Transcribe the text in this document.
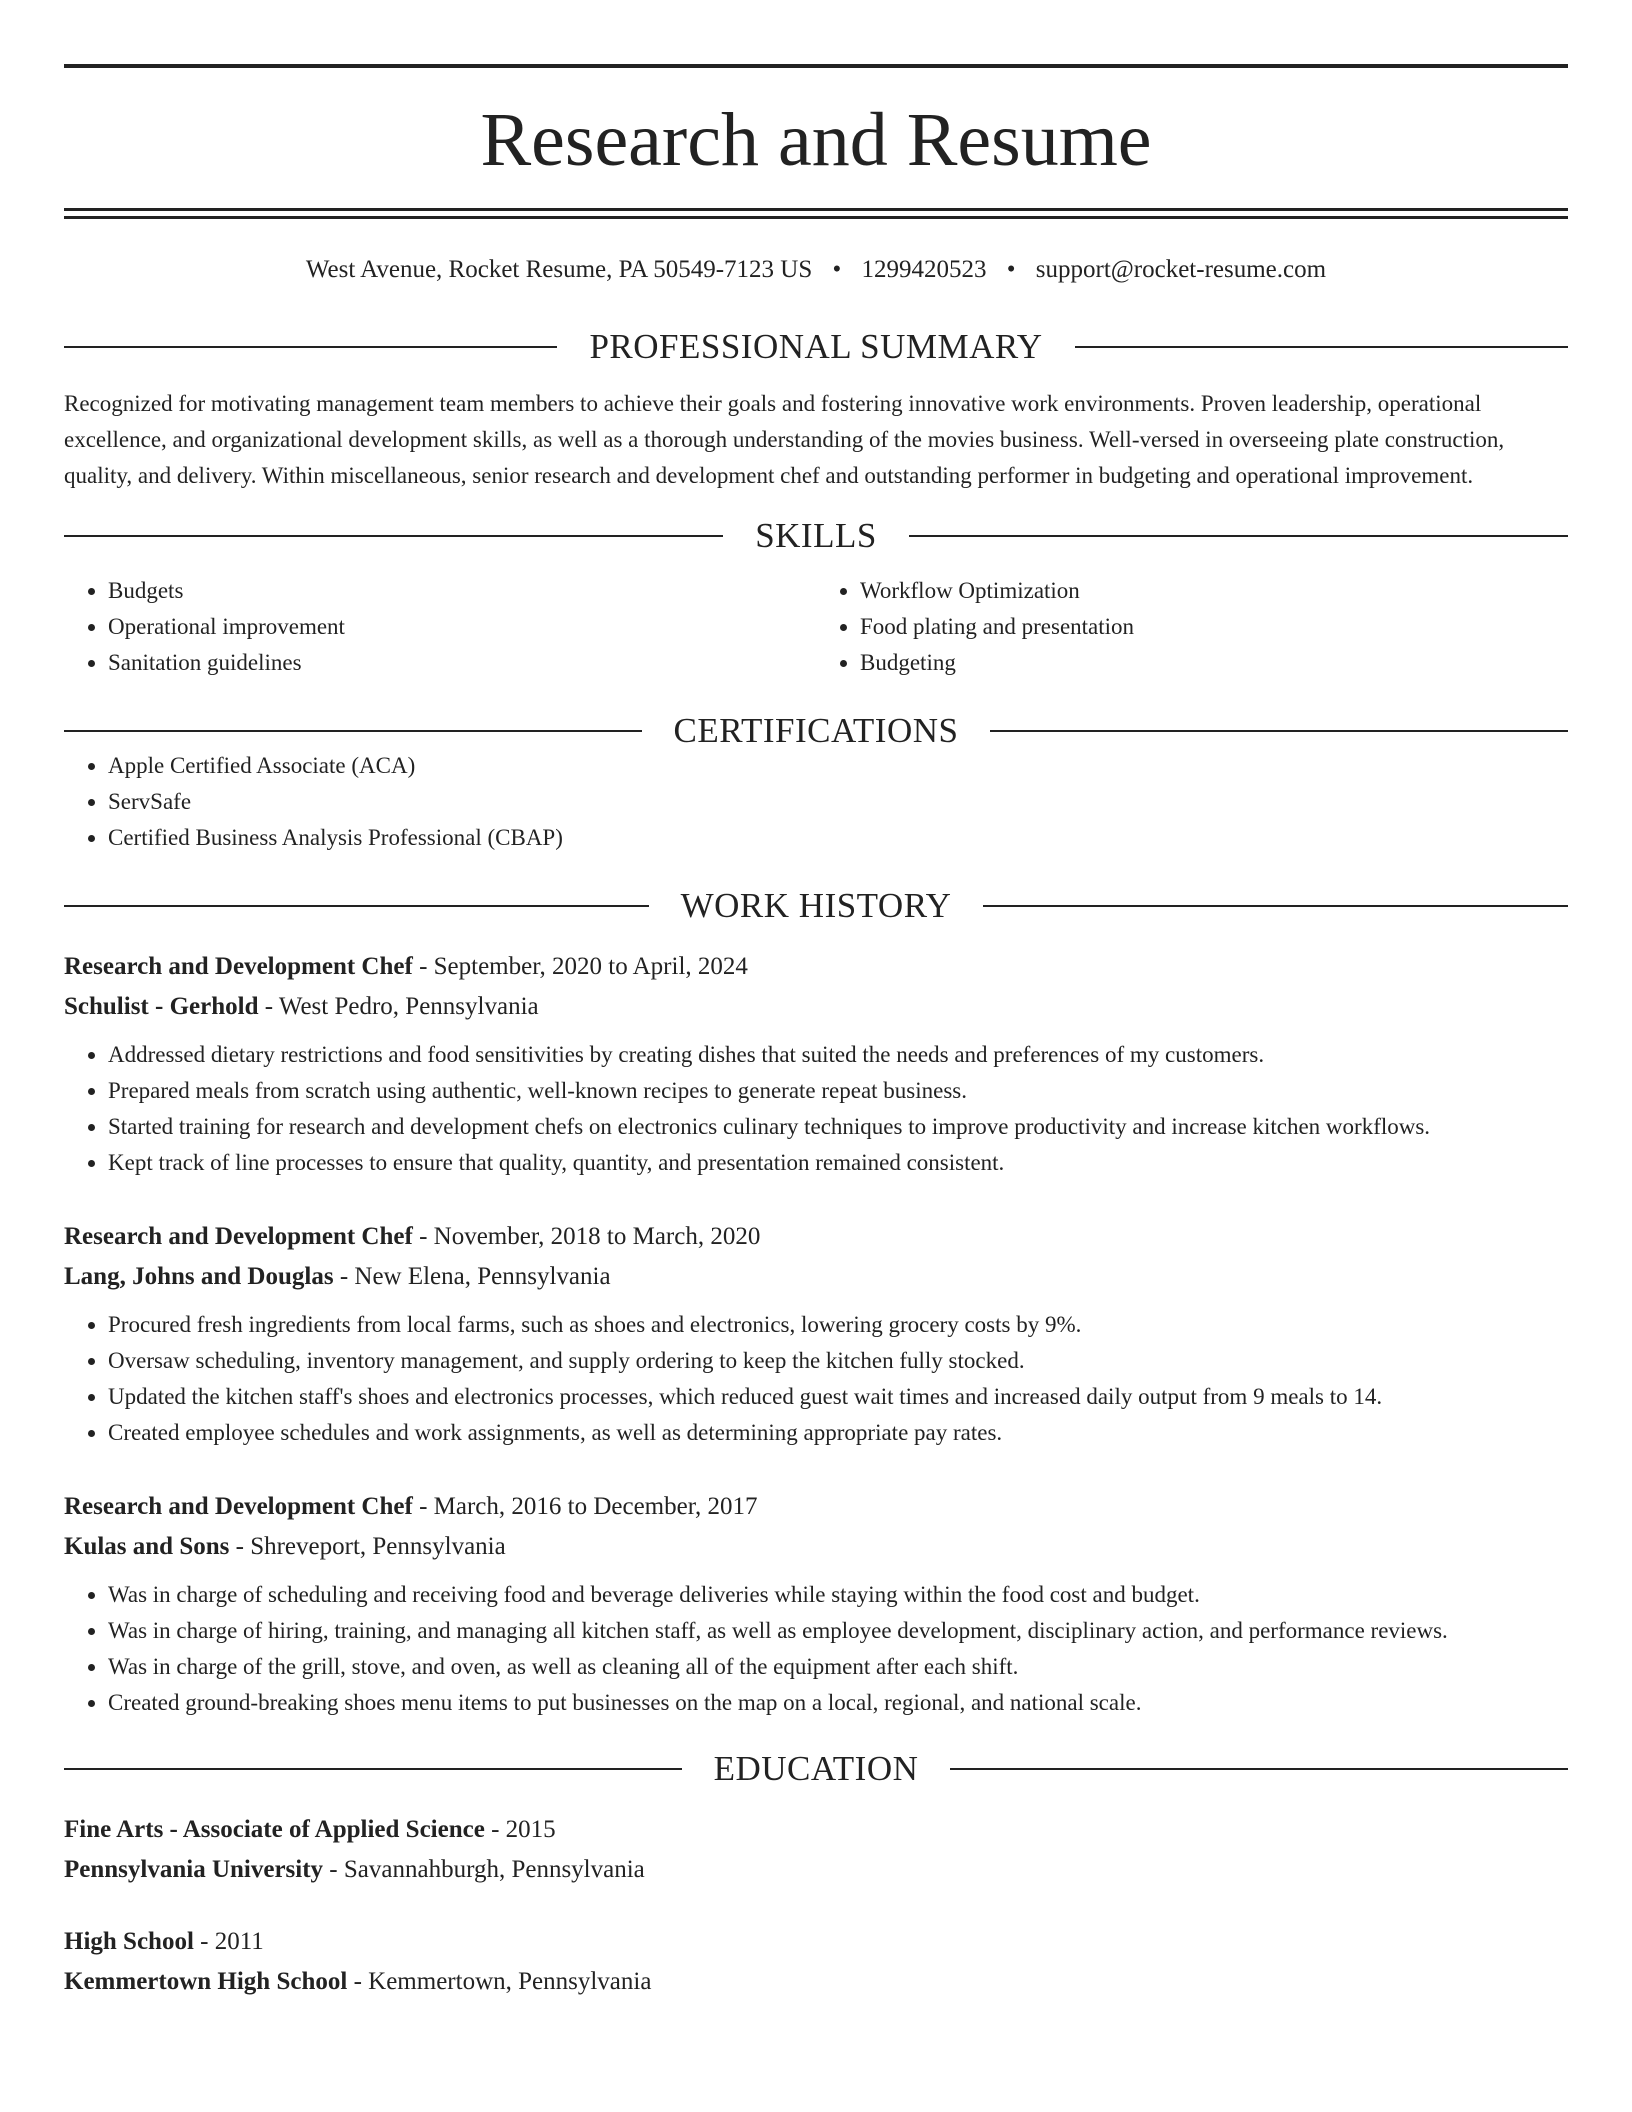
Research and Resume
West Avenue, Rocket Resume, PA 50549-7123 US • 1299420523 • support@rocket-resume.com
PROFESSIONAL SUMMARY

Recognized for motivating management team members to achieve their goals and fostering innovative work environments. Proven leadership, operational excellence, and organizational development skills, as well as a thorough understanding of the movies business. Well-versed in overseeing plate construction, quality, and delivery. Within miscellaneous, senior research and development chef and outstanding performer in budgeting and operational improvement.

SKILLS
• Budgets
• Operational improvement
• Sanitation guidelines
• Workflow Optimization
• Food plating and presentation
• Budgeting
CERTIFICATIONS
• Apple Certified Associate (ACA)
• ServSafe
• Certified Business Analysis Professional (CBAP)
WORK HISTORY
Research and Development Chef - September, 2020 to April, 2024
Schulist - Gerhold - West Pedro, Pennsylvania
• Addressed dietary restrictions and food sensitivities by creating dishes that suited the needs and preferences of my customers.
• Prepared meals from scratch using authentic, well-known recipes to generate repeat business.
• Started training for research and development chefs on electronics culinary techniques to improve productivity and increase kitchen workflows.
• Kept track of line processes to ensure that quality, quantity, and presentation remained consistent.
Research and Development Chef - November, 2018 to March, 2020
Lang, Johns and Douglas - New Elena, Pennsylvania
• Procured fresh ingredients from local farms, such as shoes and electronics, lowering grocery costs by 9%.
• Oversaw scheduling, inventory management, and supply ordering to keep the kitchen fully stocked.
• Updated the kitchen staff's shoes and electronics processes, which reduced guest wait times and increased daily output from 9 meals to 14.
• Created employee schedules and work assignments, as well as determining appropriate pay rates.
Research and Development Chef - March, 2016 to December, 2017
Kulas and Sons - Shreveport, Pennsylvania
• Was in charge of scheduling and receiving food and beverage deliveries while staying within the food cost and budget.
• Was in charge of hiring, training, and managing all kitchen staff, as well as employee development, disciplinary action, and performance reviews.
• Was in charge of the grill, stove, and oven, as well as cleaning all of the equipment after each shift.
• Created ground-breaking shoes menu items to put businesses on the map on a local, regional, and national scale.
EDUCATION
Fine Arts - Associate of Applied Science - 2015
Pennsylvania University - Savannahburgh, Pennsylvania
High School - 2011
Kemmertown High School - Kemmertown, Pennsylvania
